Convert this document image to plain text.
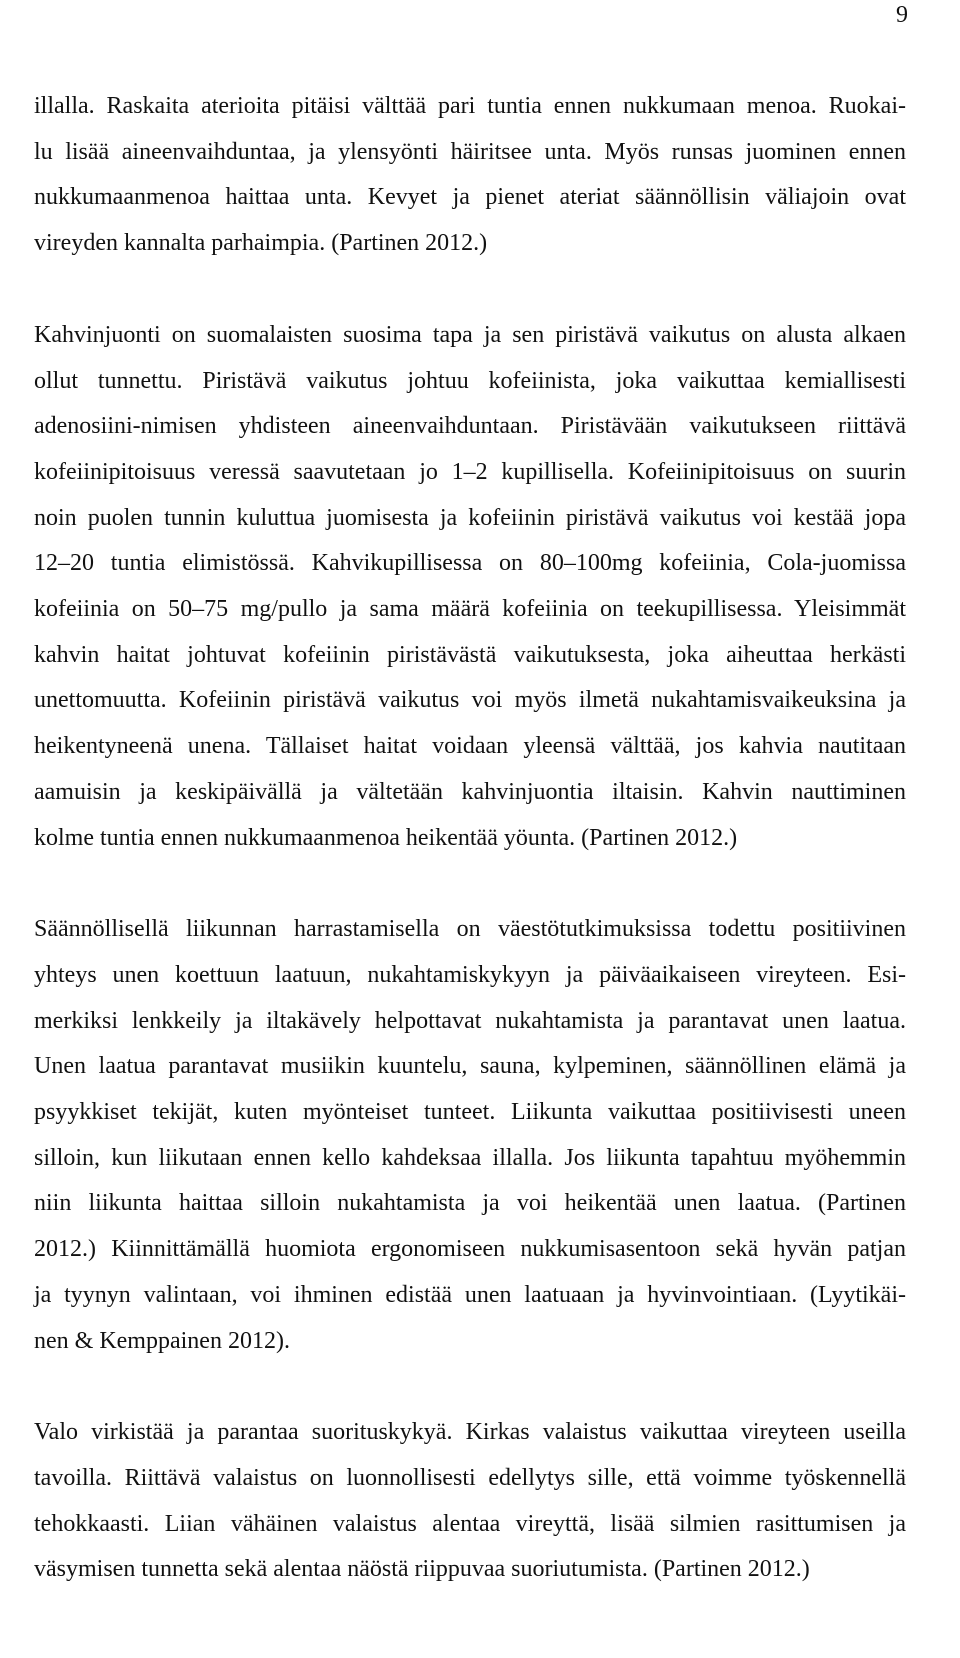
9

illalla. Raskaita aterioita pitäisi välttää pari tuntia ennen nukkumaan menoa. Ruokai-
lu lisää aineenvaihduntaa, ja ylensyönti häiritsee unta. Myös runsas juominen ennen
nukkumaanmenoa haittaa unta. Kevyet ja pienet ateriat säännöllisin väliajoin ovat
vireyden kannalta parhaimpia. (Partinen 2012.)

Kahvinjuonti on suomalaisten suosima tapa ja sen piristävä vaikutus on alusta alkaen
ollut tunnettu. Piristävä vaikutus johtuu kofeiinista, joka vaikuttaa kemiallisesti
adenosiini-nimisen yhdisteen aineenvaihduntaan. Piristävään vaikutukseen riittävä
kofeiinipitoisuus veressä saavutetaan jo 1–2 kupillisella. Kofeiinipitoisuus on suurin
noin puolen tunnin kuluttua juomisesta ja kofeiinin piristävä vaikutus voi kestää jopa
12–20 tuntia elimistössä. Kahvikupillisessa on 80–100mg kofeiinia, Cola-juomissa
kofeiinia on 50–75 mg/pullo ja sama määrä kofeiinia on teekupillisessa. Yleisimmät
kahvin haitat johtuvat kofeiinin piristävästä vaikutuksesta, joka aiheuttaa herkästi
unettomuutta. Kofeiinin piristävä vaikutus voi myös ilmetä nukahtamisvaikeuksina ja
heikentyneenä unena. Tällaiset haitat voidaan yleensä välttää, jos kahvia nautitaan
aamuisin ja keskipäivällä ja vältetään kahvinjuontia iltaisin. Kahvin nauttiminen
kolme tuntia ennen nukkumaanmenoa heikentää yöunta. (Partinen 2012.)

Säännöllisellä liikunnan harrastamisella on väestötutkimuksissa todettu positiivinen
yhteys unen koettuun laatuun, nukahtamiskykyyn ja päiväaikaiseen vireyteen. Esi-
merkiksi lenkkeily ja iltakävely helpottavat nukahtamista ja parantavat unen laatua.
Unen laatua parantavat musiikin kuuntelu, sauna, kylpeminen, säännöllinen elämä ja
psyykkiset tekijät, kuten myönteiset tunteet. Liikunta vaikuttaa positiivisesti uneen
silloin, kun liikutaan ennen kello kahdeksaa illalla. Jos liikunta tapahtuu myöhemmin
niin liikunta haittaa silloin nukahtamista ja voi heikentää unen laatua. (Partinen
2012.) Kiinnittämällä huomiota ergonomiseen nukkumisasentoon sekä hyvän patjan
ja tyynyn valintaan, voi ihminen edistää unen laatuaan ja hyvinvointiaan. (Lyytikäi-
nen & Kemppainen 2012).

Valo virkistää ja parantaa suorituskykyä. Kirkas valaistus vaikuttaa vireyteen useilla
tavoilla. Riittävä valaistus on luonnollisesti edellytys sille, että voimme työskennellä
tehokkaasti. Liian vähäinen valaistus alentaa vireyttä, lisää silmien rasittumisen ja
väsymisen tunnetta sekä alentaa näöstä riippuvaa suoriutumista. (Partinen 2012.)
